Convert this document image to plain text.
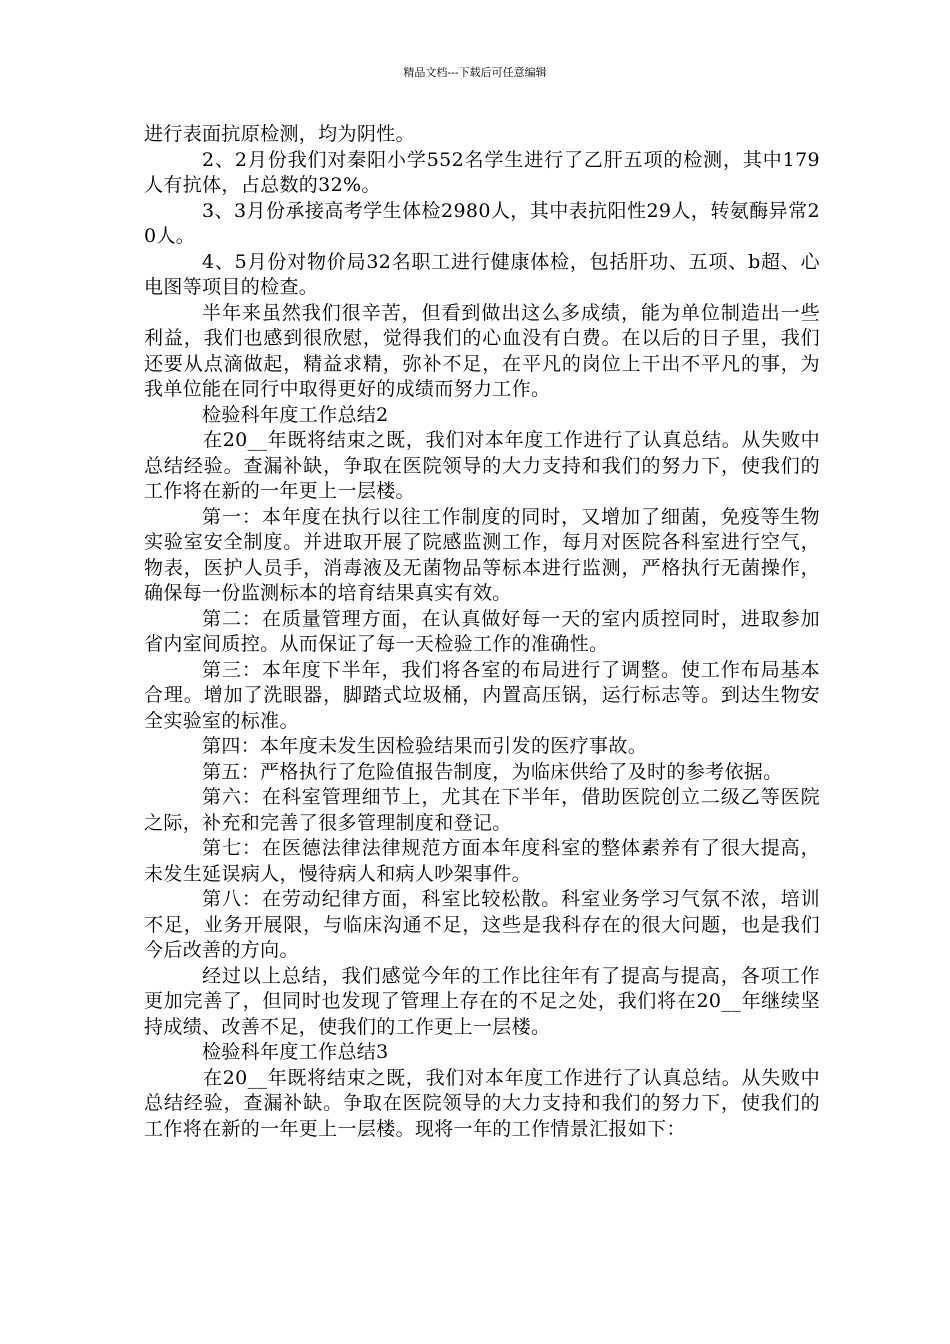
精品文档---下载后可任意编辑

进行表面抗原检测，均为阴性。

2、2月份我们对秦阳小学552名学生进行了乙肝五项的检测，其中179人有抗体，占总数的32%。

3、3月份承接高考学生体检2980人，其中表抗阳性29人，转氨酶异常20人。

4、5月份对物价局32名职工进行健康体检，包括肝功、五项、b超、心电图等项目的检查。

半年来虽然我们很辛苦，但看到做出这么多成绩，能为单位制造出一些利益，我们也感到很欣慰，觉得我们的心血没有白费。在以后的日子里，我们还要从点滴做起，精益求精，弥补不足，在平凡的岗位上干出不平凡的事，为我单位能在同行中取得更好的成绩而努力工作。

检验科年度工作总结2

在20__年既将结束之既，我们对本年度工作进行了认真总结。从失败中总结经验。查漏补缺，争取在医院领导的大力支持和我们的努力下，使我们的工作将在新的一年更上一层楼。

第一：本年度在执行以往工作制度的同时，又增加了细菌，免疫等生物实验室安全制度。并进取开展了院感监测工作，每月对医院各科室进行空气，物表，医护人员手，消毒液及无菌物品等标本进行监测，严格执行无菌操作，确保每一份监测标本的培育结果真实有效。

第二：在质量管理方面，在认真做好每一天的室内质控同时，进取参加省内室间质控。从而保证了每一天检验工作的准确性。

第三：本年度下半年，我们将各室的布局进行了调整。使工作布局基本合理。增加了洗眼器，脚踏式垃圾桶，内置高压锅，运行标志等。到达生物安全实验室的标准。

第四：本年度未发生因检验结果而引发的医疗事故。

第五：严格执行了危险值报告制度，为临床供给了及时的参考依据。

第六：在科室管理细节上，尤其在下半年，借助医院创立二级乙等医院之际，补充和完善了很多管理制度和登记。

第七：在医德法律法律规范方面本年度科室的整体素养有了很大提高，未发生延误病人，慢待病人和病人吵架事件。

第八：在劳动纪律方面，科室比较松散。科室业务学习气氛不浓，培训不足，业务开展限，与临床沟通不足，这些是我科存在的很大问题，也是我们今后改善的方向。

经过以上总结，我们感觉今年的工作比往年有了提高与提高，各项工作更加完善了，但同时也发现了管理上存在的不足之处，我们将在20__年继续坚持成绩、改善不足，使我们的工作更上一层楼。

检验科年度工作总结3

在20__年既将结束之既，我们对本年度工作进行了认真总结。从失败中总结经验，查漏补缺。争取在医院领导的大力支持和我们的努力下，使我们的工作将在新的一年更上一层楼。现将一年的工作情景汇报如下：
